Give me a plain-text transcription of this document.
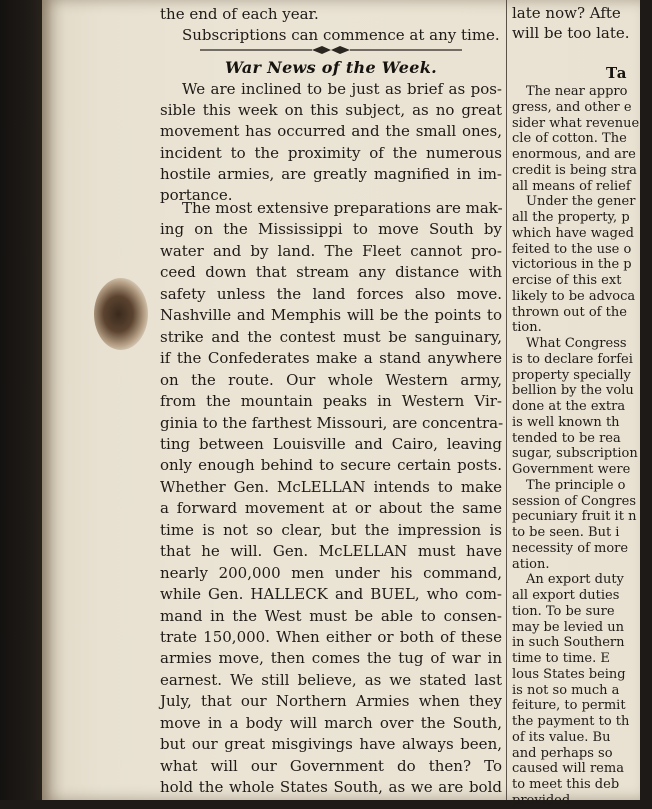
the end of each year.

Subscriptions can commence at any time.

War News of the Week.

We are inclined to be just as brief as pos-

sible this week on this subject, as no great

movement has occurred and the small ones,

incident to the proximity of the numerous

hostile armies, are greatly magnified in im-

portance.

The most extensive preparations are mak-

ing on the Mississippi to move South by

water and by land. The Fleet cannot pro-

ceed down that stream any distance with

safety unless the land forces also move.

Nashville and Memphis will be the points to

strike and the contest must be sanguinary,

if the Confederates make a stand anywhere

on the route. Our whole Western army,

from the mountain peaks in Western Vir-

ginia to the farthest Missouri, are concentra-

ting between Louisville and Cairo, leaving

only enough behind to secure certain posts.

Whether Gen. McLELLAN intends to make

a forward movement at or about the same

time is not so clear, but the impression is

that he will. Gen. McLELLAN must have

nearly 200,000 men under his command,

while Gen. HALLECK and BUEL, who com-

mand in the West must be able to consen-

trate 150,000. When either or both of these

armies move, then comes the tug of war in

earnest. We still believe, as we stated last

July, that our Northern Armies when they

move in a body will march over the South,

but our great misgivings have always been,

what will our Government do then? To

hold the whole States South, as we are bold

late now? Afte

will be too late.

Ta

The near appro

gress, and other e

sider what revenue

cle of cotton. The

enormous, and are

credit is being stra

all means of relief

Under the gener

all the property, p

which have waged

feited to the use o

victorious in the p

ercise of this ext

likely to be advoca

thrown out of the

tion.

What Congress

is to declare forfei

property specially

bellion by the volu

done at the extra

is well known th

tended to be rea

sugar, subscription

Government were

The principle o

session of Congres

pecuniary fruit it n

to be seen. But i

necessity of more

ation.

An export duty

all export duties

tion. To be sure

may be levied un

in such Southern

time to time. E

lous States being

is not so much a

feiture, to permit

the payment to th

of its value. Bu

and perhaps so

caused will rema

to meet this deb

provided
